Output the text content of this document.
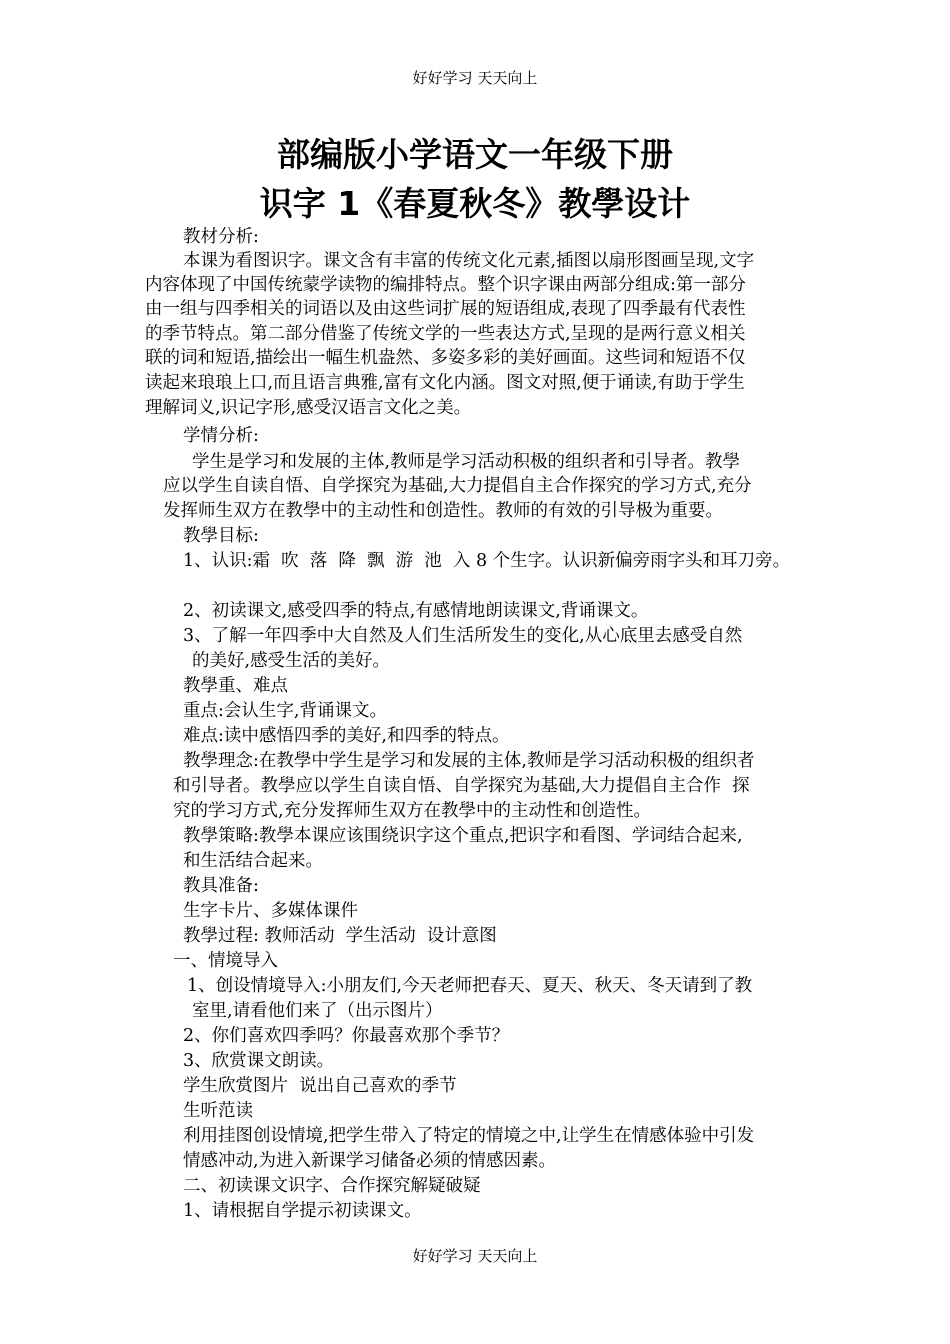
好好学习 天天向上
部编版小学语文一年级下册
识字 1《春夏秋冬》教學设计
教材分析:
本课为看图识字。课文含有丰富的传统文化元素,插图以扇形图画呈现,文字
内容体现了中国传统蒙学读物的编排特点。整个识字课由两部分组成:第一部分
由一组与四季相关的词语以及由这些词扩展的短语组成,表现了四季最有代表性
的季节特点。第二部分借鉴了传统文学的一些表达方式,呈现的是两行意义相关
联的词和短语,描绘出一幅生机盎然、多姿多彩的美好画面。这些词和短语不仅
读起来琅琅上口,而且语言典雅,富有文化内涵。图文对照,便于诵读,有助于学生
理解词义,识记字形,感受汉语言文化之美。
学情分析:
学生是学习和发展的主体,教师是学习活动积极的组织者和引导者。教學
应以学生自读自悟、自学探究为基础,大力提倡自主合作探究的学习方式,充分
发挥师生双方在教學中的主动性和创造性。教师的有效的引导极为重要。
教學目标:
1、认识:霜  吹  落  降  飘  游  池  入 8 个生字。认识新偏旁雨字头和耳刀旁。
2、初读课文,感受四季的特点,有感情地朗读课文,背诵课文。
3、了解一年四季中大自然及人们生活所发生的变化,从心底里去感受自然
的美好,感受生活的美好。
教學重、难点
重点:会认生字,背诵课文。
难点:读中感悟四季的美好,和四季的特点。
教學理念:在教學中学生是学习和发展的主体,教师是学习活动积极的组织者
和引导者。教學应以学生自读自悟、自学探究为基础,大力提倡自主合作  探
究的学习方式,充分发挥师生双方在教學中的主动性和创造性。
教學策略:教學本课应该围绕识字这个重点,把识字和看图、学词结合起来,
和生活结合起来。
教具准备:
生字卡片、多媒体课件
教學过程: 教师活动  学生活动  设计意图
一、情境导入
1、创设情境导入:小朋友们,今天老师把春天、夏天、秋天、冬天请到了教
室里,请看他们来了（出示图片）
2、你们喜欢四季吗？你最喜欢那个季节？
3、欣赏课文朗读。
学生欣赏图片  说出自己喜欢的季节
生听范读
利用挂图创设情境,把学生带入了特定的情境之中,让学生在情感体验中引发
情感冲动,为进入新课学习储备必须的情感因素。
二、初读课文识字、合作探究解疑破疑
1、请根据自学提示初读课文。
好好学习 天天向上
